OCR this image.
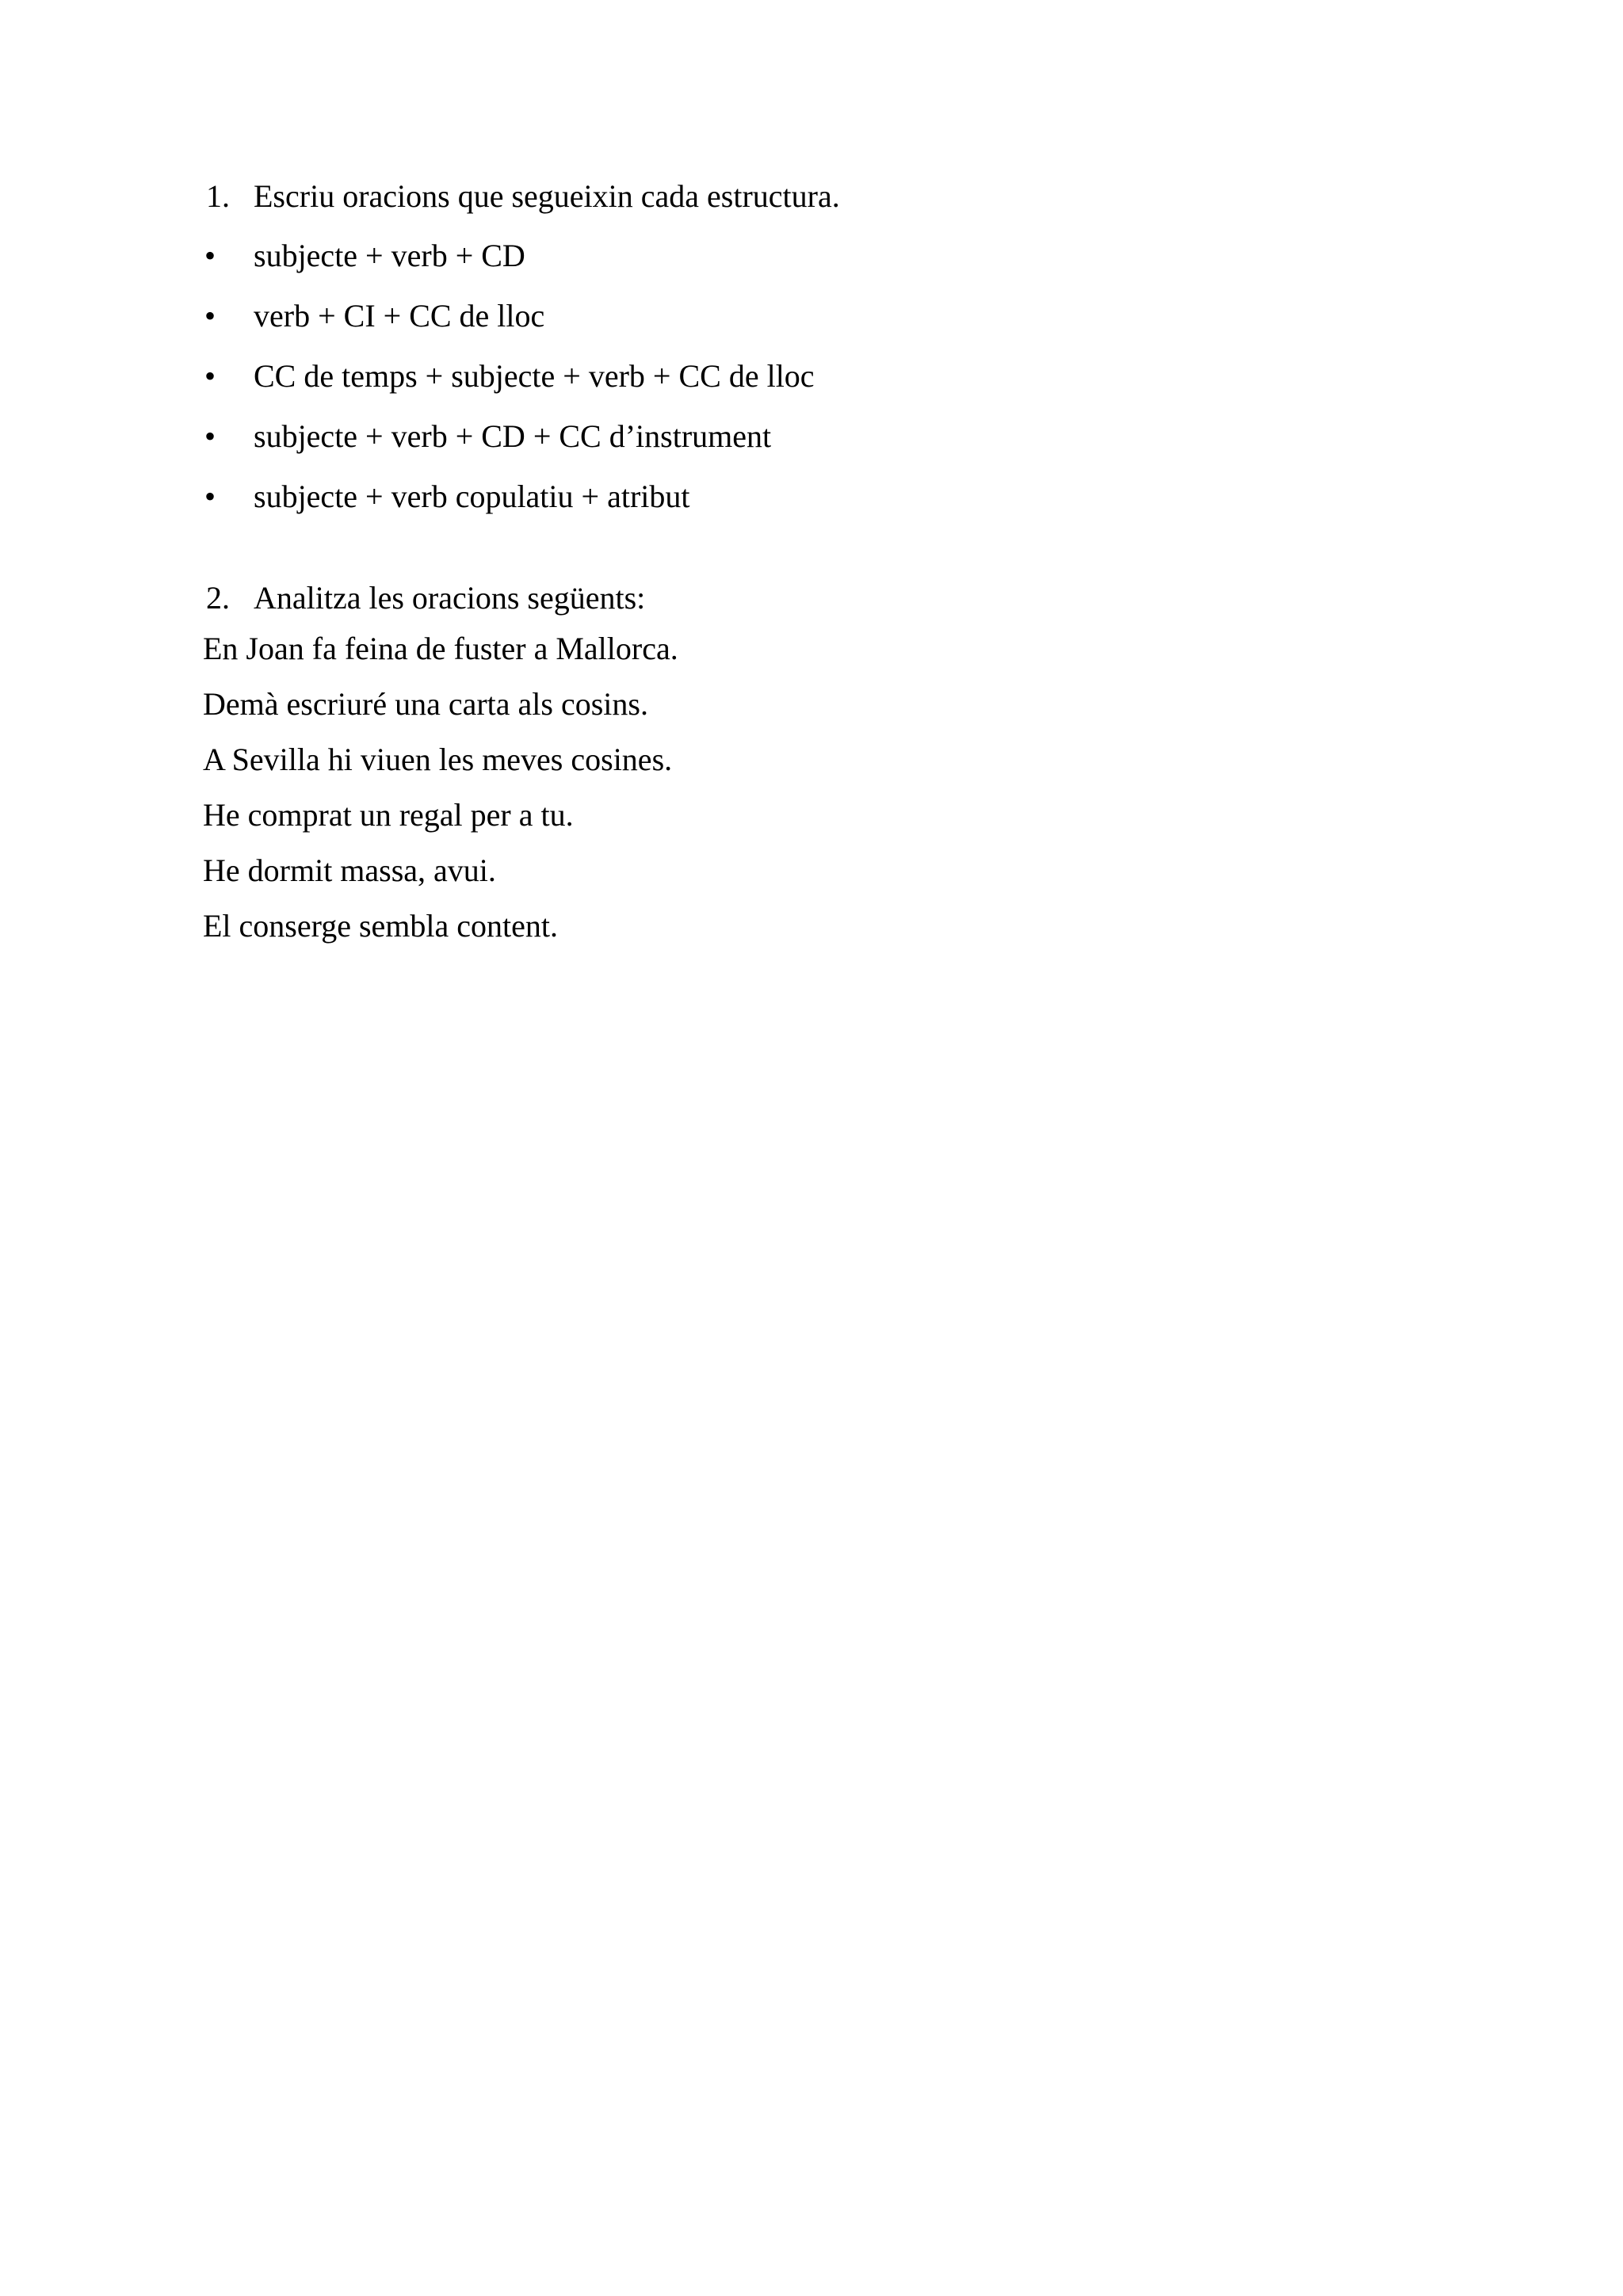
1. Escriu oracions que segueixin cada estructura.
• subjecte + verb + CD
• verb + CI + CC de lloc
• CC de temps + subjecte + verb + CC de lloc
• subjecte + verb + CD + CC d’instrument
• subjecte + verb copulatiu + atribut
2. Analitza les oracions següents:
En Joan fa feina de fuster a Mallorca.
Demà escriuré una carta als cosins.
A Sevilla hi viuen les meves cosines.
He comprat un regal per a tu.
He dormit massa, avui.
El conserge sembla content.
